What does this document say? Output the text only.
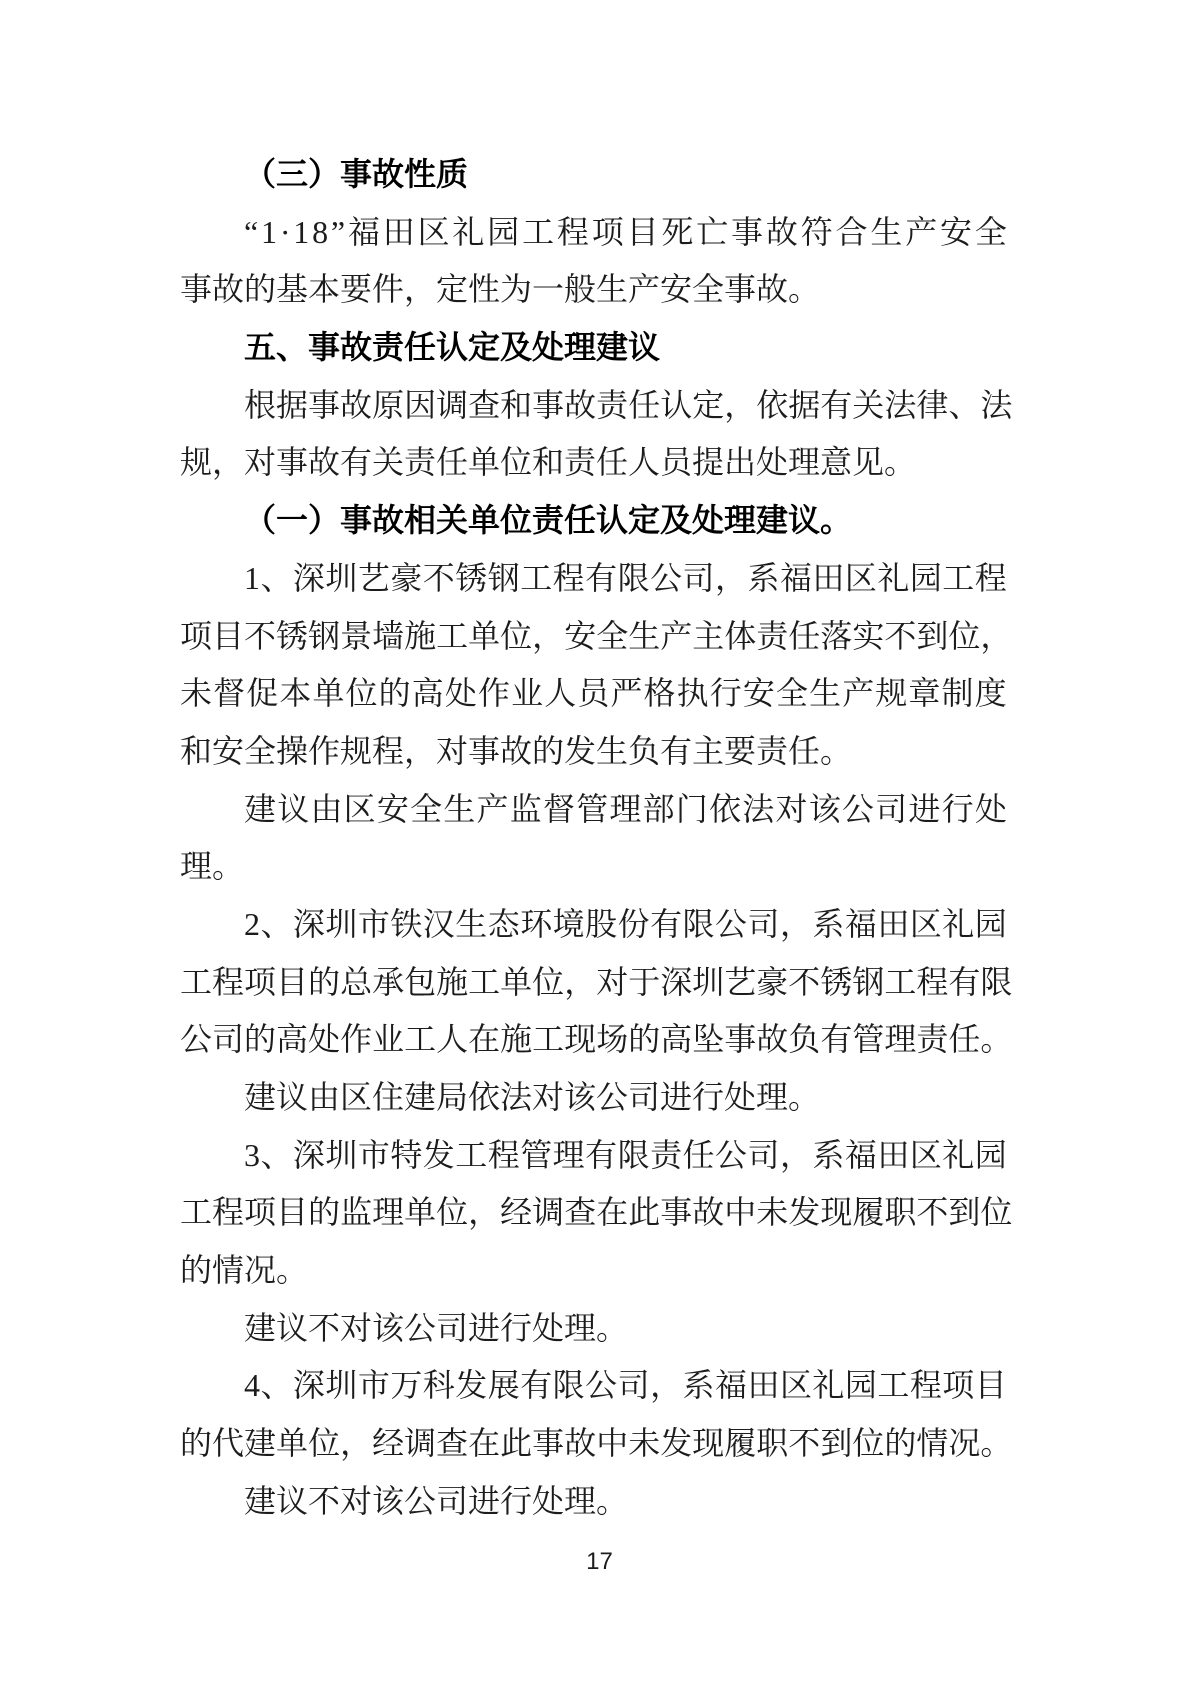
（三）事故性质
“ 1 · 1 8 ” 福 田 区 礼 园 工 程 项 目 死 亡 事 故 符 合 生 产 安 全
事故的基本要件，定性为一般生产安全事故。
五、事故责任认定及处理建议
根 据 事 故 原 因 调 查 和 事 故 责 任 认 定 ， 依 据 有 关 法 律 、 法
规，对事故有关责任单位和责任人员提出处理意见。
（一）事故相关单位责任认定及处理建议。
1 、 深 圳 艺 豪 不 锈 钢 工 程 有 限 公 司 ， 系 福 田 区 礼 园 工 程
项 目 不 锈 钢 景 墙 施 工 单 位 ， 安 全 生 产 主 体 责 任 落 实 不 到 位 ，
未 督 促 本 单 位 的 高 处 作 业 人 员 严 格 执 行 安 全 生 产 规 章 制 度
和安全操作规程，对事故的发生负有主要责任。
建 议 由 区 安 全 生 产 监 督 管 理 部 门 依 法 对 该 公 司 进 行 处
理。
2 、 深 圳 市 铁 汉 生 态 环 境 股 份 有 限 公 司 ， 系 福 田 区 礼 园
工 程 项 目 的 总 承 包 施 工 单 位 ， 对 于 深 圳 艺 豪 不 锈 钢 工 程 有 限
公 司 的 高 处 作 业 工 人 在 施 工 现 场 的 高 坠 事 故 负 有 管 理 责 任 。
建议由区住建局依法对该公司进行处理。
3 、 深 圳 市 特 发 工 程 管 理 有 限 责 任 公 司 ， 系 福 田 区 礼 园
工 程 项 目 的 监 理 单 位 ， 经 调 查 在 此 事 故 中 未 发 现 履 职 不 到 位
的情况。
建议不对该公司进行处理。
4 、 深 圳 市 万 科 发 展 有 限 公 司 ， 系 福 田 区 礼 园 工 程 项 目
的 代 建 单 位 ， 经 调 查 在 此 事 故 中 未 发 现 履 职 不 到 位 的 情 况 。
建议不对该公司进行处理。
17
